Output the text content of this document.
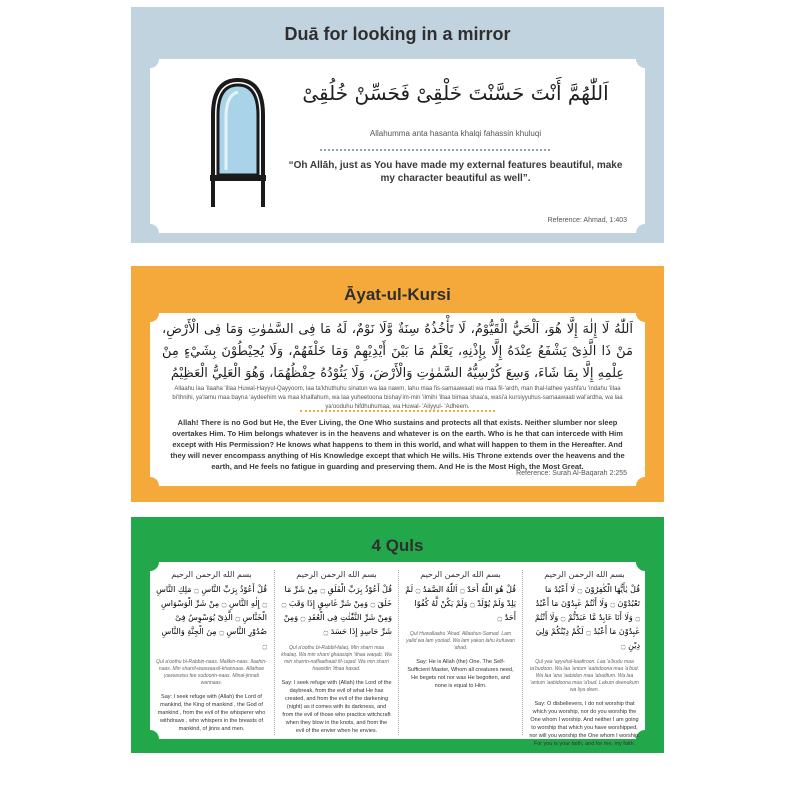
Duā for looking in a mirror
اَللّٰهُمَّ أَنْتَ حَسَّنْتَ خَلْقِىْ فَحَسِّنْ خُلُقِىْ
Allahumma anta hasanta khalqi fahassin khuluqi
“Oh Allāh, just as You have made my external features beautiful, make my character beautiful as well”.
Reference: Ahmad, 1:403
Āyat-ul-Kursi
اَللّٰهُ لَا إِلٰهَ إِلَّا هُوَ، اَلْحَيُّ الْقَيُّوْمُ، لَا تَأْخُذُهُ سِنَةٌ وَّلَا نَوْمٌ، لَهُ مَا فِى السَّمٰوٰتِ وَمَا فِى الْأَرْضِ، مَنْ ذَا الَّذِىْ يَشْفَعُ عِنْدَهُ إِلَّا بِإِذْنِهِ، يَعْلَمُ مَا بَيْنَ أَيْدِيْهِمْ وَمَا خَلْفَهُمْ، وَلَا يُحِيْطُوْنَ بِشَيْءٍ مِنْ عِلْمِهِ إِلَّا بِمَا شَاءَ، وَسِعَ كُرْسِيُّهُ السَّمٰوٰتِ وَالْأَرْضَ، وَلَا يَئُوْدُهُ حِفْظُهُمَا، وَهُوَ الْعَلِيُّ الْعَظِيْمُ
Allaahu laa 'ilaaha 'illaa Huwal-Hayyul-Qayyoom, laa ta'khuthuhu sinatun wa laa nawm, lahu maa fis-samaawaati wa maa fil-'ardh, man thal-lathee yashfa'u 'indahu 'illaa bi'thnihi, ya'lamu maa bayna 'aydeehim wa maa khalfahum, wa laa yuheetoona bishay'im-min 'ilmihi 'illaa bimaa shaa'a, wasi'a kursiyyuhus-samaawaati wal'ardha, wa laa ya'ooduhu hifdhuhumaa, wa Huwal- 'Aliyyul- 'Adheem.
Allah! There is no God but He, the Ever Living, the One Who sustains and protects all that exists. Neither slumber nor sleep overtakes Him. To Him belongs whatever is in the heavens and whatever is on the earth. Who is he that can intercede with Him except with His Permission? He knows what happens to them in this world, and what will happen to them in the Hereafter. And they will never encompass anything of His Knowledge except that which He wills. His Throne extends over the heavens and the earth, and He feels no fatigue in guarding and preserving them. And He is the Most High, the Most Great.
Reference: Surah Al-Baqarah 2:255
4 Quls
بسم الله الرحمن الرحيم
قُلْ أَعُوْذُ بِرَبِّ النَّاسِ ۝ مَلِكِ النَّاسِ ۝ إِلٰهِ النَّاسِ ۝ مِنْ شَرِّ الْوَسْوَاسِ الْخَنَّاسِ ۝ الَّذِىْ يُوَسْوِسُ فِىْ صُدُوْرِ النَّاسِ ۝ مِنَ الْجِنَّةِ وَالنَّاسِ ۝
Qul a'oothu bi-Rabbin-naas. Malikin-naas. Ilaahin-naas. Min sharril-waswaasil-khannaas. Allathee yuwaswisu fee sudoorin-naas. Minal-jinnati wannaas.
Say: I seek refuge with (Allah) the Lord of mankind, the King of mankind , the God of mankind , from the evil of the whisperer who withdraws , who whispers in the breasts of mankind, of jinns and men.
بسم الله الرحمن الرحيم
قُلْ أَعُوْذُ بِرَبِّ الْفَلَقِ ۝ مِنْ شَرِّ مَا خَلَقَ ۝ وَمِنْ شَرِّ غَاسِقٍ إِذَا وَقَبَ ۝ وَمِنْ شَرِّ النَّفّٰثٰتِ فِى الْعُقَدِ ۝ وَمِنْ شَرِّ حَاسِدٍ إِذَا حَسَدَ ۝
Qul a'oothu bi-Rabbil-falaq. Min sharri maa khalaq. Wa min sharri ghaasiqin 'ithaa waqab. Wa min sharrin-naffaathaati fil-'uqad. Wa min sharri haasidin 'ithaa hasad.
Say: I seek refuge with (Allah) the Lord of the daybreak, from the evil of what He has created, and from the evil of the darkening (night) as it comes with its darkness, and from the evil of those who practice witchcraft when they blow in the knots, and from the evil of the envier when he envies.
بسم الله الرحمن الرحيم
قُلْ هُوَ اللّٰهُ أَحَدٌ ۝ اَللّٰهُ الصَّمَدُ ۝ لَمْ يَلِدْ وَلَمْ يُوْلَدْ ۝ وَلَمْ يَكُنْ لَّهُ كُفُوًا أَحَدٌ ۝
Qul Huwallaahu 'Ahad. Allaahus-Samad. Lam yalid wa lam yoolad. Wa lam yakun lahu kufuwan 'ahad.
Say: He is Allah (the) One. The Self-Sufficient Master, Whom all creatures need, He begets not nor was He begotten, and none is equal to Him.
بسم الله الرحمن الرحيم
قُلْ يٰأَيُّهَا الْكٰفِرُوْنَ ۝ لَا أَعْبُدُ مَا تَعْبُدُوْنَ ۝ وَلَا أَنْتُمْ عٰبِدُوْنَ مَا أَعْبُدُ ۝ وَلَا أَنَا عَابِدٌ مَّا عَبَدْتُّمْ ۝ وَلَا أَنْتُمْ عٰبِدُوْنَ مَا أَعْبُدُ ۝ لَكُمْ دِيْنُكُمْ وَلِيَ دِيْنِ ۝
Qul yaa 'ayyuhal-kaafiroon. Laa 'a'budu maa ta'budoon. Wa laa 'antum 'aabidoona maa 'a'bud. Wa laa 'ana 'aabidun maa 'abadtum. Wa laa 'antum 'aabidoona maa 'a'bud. Lakum deenukum wa liya deen.
Say: O disbelievers, I do not worship that which you worship, nor do you worship the One whom I worship. And neither I am going to worship that which you have worshipped, nor will you worship the One whom I worship. For you is your faith, and for me, my faith.
